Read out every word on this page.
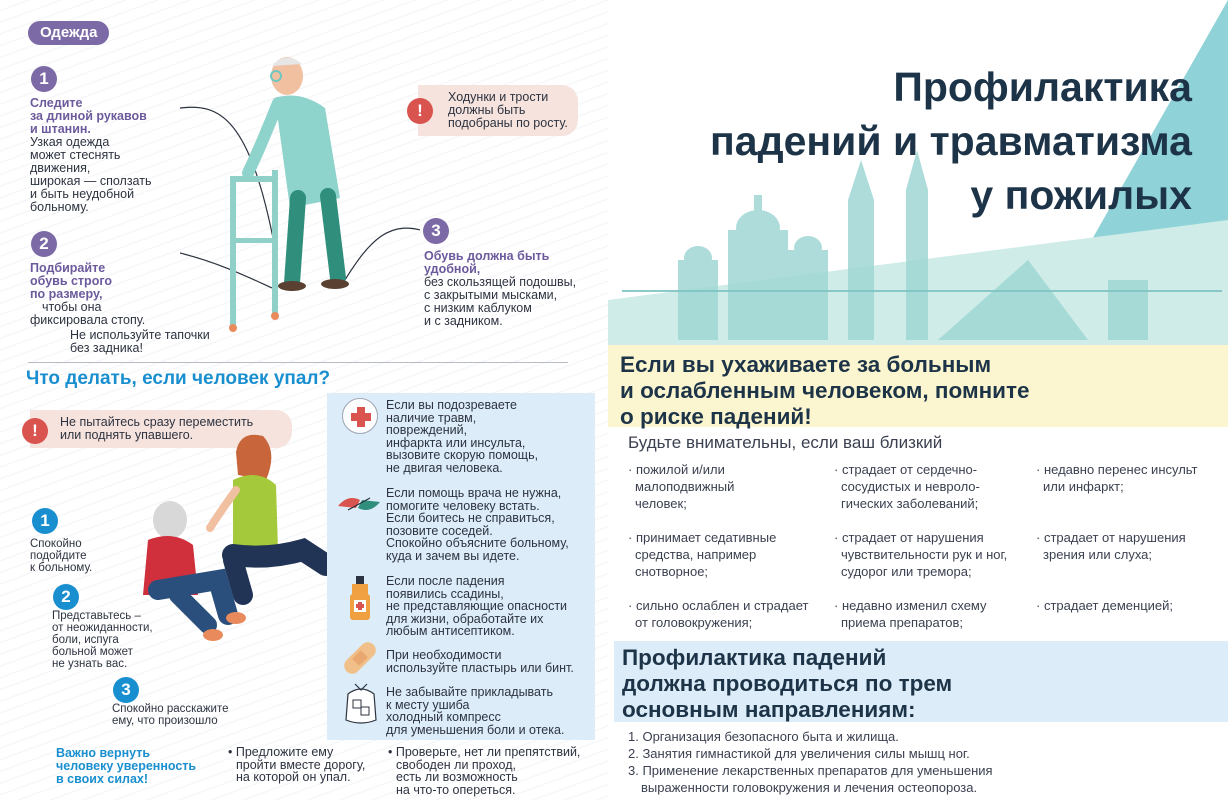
Одежда
1
Следите
за длиной рукавов
и штанин.
Узкая одежда
может стеснять
движения,
широкая — сползать
и быть неудобной
больному.
2
Подбирайте
обувь строго
по размеру,
чтобы она
фиксировала стопу.
Не используйте тапочки
без задника!
Ходунки и трости
должны быть
подобраны по росту.
!
3
Обувь должна быть
удобной,
без скользящей подошвы,
с закрытыми мысками,
с низким каблуком
и с задником.
Что делать, если человек упал?
Не пытайтесь сразу переместить
или поднять упавшего.
!
1
Спокойно
подойдите
к больному.
2
Представьтесь –
от неожиданности,
боли, испуга
больной может
не узнать вас.
3
Спокойно расскажите
ему, что произошло
Важно вернуть
человеку уверенность
в своих силах!
Если вы подозреваете
наличие травм,
повреждений,
инфаркта или инсульта,
вызовите скорую помощь,
не двигая человека.
Если помощь врача не нужна,
помогите человеку встать.
Если боитесь не справиться,
позовите соседей.
Спокойно объясните больному,
куда и зачем вы идете.
Если после падения
появились ссадины,
не представляющие опасности
для жизни, обработайте их
любым антисептиком.
При необходимости
используйте пластырь или бинт.
Не забывайте прикладывать
к месту ушиба
холодный компресс
для уменьшения боли и отека.
• Предложите ему
пройти вместе дорогу,
на которой он упал.
• Проверьте, нет ли препятствий,
свободен ли проход,
есть ли возможность
на что-то опереться.
Профилактика
падений и травматизма
у пожилых
Если вы ухаживаете за больным
и ослабленным человеком, помните
о риске падений!
Будьте внимательны, если ваш близкий
· пожилой и/или
малоподвижный
человек;
· принимает седативные
средства, например
снотворное;
· сильно ослаблен и страдает
от головокружения;
· страдает от сердечно-
сосудистых и невроло-
гических заболеваний;
· страдает от нарушения
чувствительности рук и ног,
судорог или тремора;
· недавно изменил схему
приема препаратов;
· недавно перенес инсульт
или инфаркт;
· страдает от нарушения
зрения или слуха;
· страдает деменцией;
Профилактика падений
должна проводиться по трем
основным направлениям:
1. Организация безопасного быта и жилища.
2. Занятия гимнастикой для увеличения силы мышц ног.
3. Применение лекарственных препаратов для уменьшения
выраженности головокружения и лечения остеопороза.
